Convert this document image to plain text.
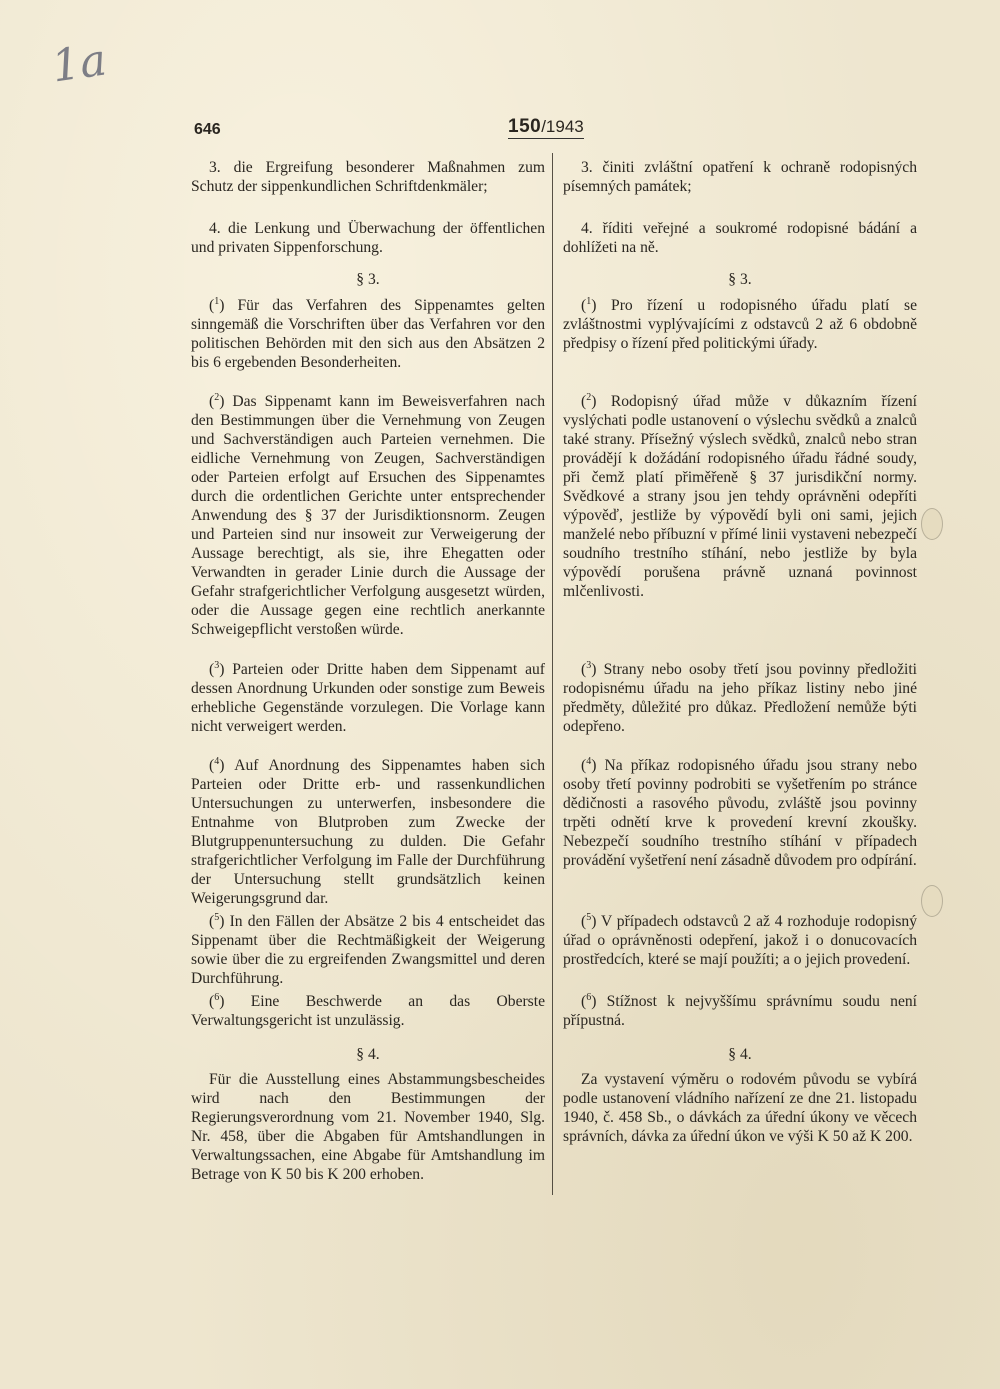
1a
646	150/1943

3. die Ergreifung besonderer Maßnahmen zum Schutz der sippenkundlichen Schriftdenkmäler;

4. die Lenkung und Überwachung der öffentlichen und privaten Sippenforschung.

§ 3.

($^1$) Für das Verfahren des Sippenamtes gelten sinngemäß die Vorschriften über das Verfahren vor den politischen Behörden mit den sich aus den Absätzen 2 bis 6 ergebenden Besonderheiten.

($^2$) Das Sippenamt kann im Beweisverfahren nach den Bestimmungen über die Vernehmung von Zeugen und Sachverständigen auch Parteien vernehmen. Die eidliche Vernehmung von Zeugen, Sachverständigen oder Parteien erfolgt auf Ersuchen des Sippenamtes durch die ordentlichen Gerichte unter entsprechender Anwendung des § 37 der Jurisdiktionsnorm. Zeugen und Parteien sind nur insoweit zur Verweigerung der Aussage berechtigt, als sie, ihre Ehegatten oder Verwandten in gerader Linie durch die Aussage der Gefahr strafgerichtlicher Verfolgung ausgesetzt würden, oder die Aussage gegen eine rechtlich anerkannte Schweigepflicht verstoßen würde.

($^3$) Parteien oder Dritte haben dem Sippenamt auf dessen Anordnung Urkunden oder sonstige zum Beweis erhebliche Gegenstände vorzulegen. Die Vorlage kann nicht verweigert werden.

($^4$) Auf Anordnung des Sippenamtes haben sich Parteien oder Dritte erb- und rassenkundlichen Untersuchungen zu unterwerfen, insbesondere die Entnahme von Blutproben zum Zwecke der Blutgruppenuntersuchung zu dulden. Die Gefahr strafgerichtlicher Verfolgung im Falle der Durchführung der Untersuchung stellt grundsätzlich keinen Weigerungsgrund dar.

($^5$) In den Fällen der Absätze 2 bis 4 entscheidet das Sippenamt über die Rechtmäßigkeit der Weigerung sowie über die zu ergreifenden Zwangsmittel und deren Durchführung.

($^6$) Eine Beschwerde an das Oberste Verwaltungsgericht ist unzulässig.

§ 4.

Für die Ausstellung eines Abstammungsbescheides wird nach den Bestimmungen der Regierungsverordnung vom 21. November 1940, Slg. Nr. 458, über die Abgaben für Amtshandlungen in Verwaltungssachen, eine Abgabe für Amtshandlung im Betrage von K 50 bis K 200 erhoben.

3. činiti zvláštní opatření k ochraně rodopisných písemných památek;

4. říditi veřejné a soukromé rodopisné bádání a dohlížeti na ně.

§ 3.

($^1$) Pro řízení u rodopisného úřadu platí se zvláštnostmi vyplývajícími z odstavců 2 až 6 obdobně předpisy o řízení před politickými úřady.

($^2$) Rodopisný úřad může v důkazním řízení vyslýchati podle ustanovení o výslechu svědků a znalců také strany. Přísežný výslech svědků, znalců nebo stran provádějí k dožádání rodopisného úřadu řádné soudy, při čemž platí přiměřeně § 37 jurisdikční normy. Svědkové a strany jsou jen tehdy oprávněni odepříti výpověď, jestliže by výpovědí byli oni sami, jejich manželé nebo příbuzní v přímé linii vystaveni nebezpečí soudního trestního stíhání, nebo jestliže by byla výpovědí porušena právně uznaná povinnost mlčenlivosti.

($^3$) Strany nebo osoby třetí jsou povinny předložiti rodopisnému úřadu na jeho příkaz listiny nebo jiné předměty, důležité pro důkaz. Předložení nemůže býti odepřeno.

($^4$) Na příkaz rodopisného úřadu jsou strany nebo osoby třetí povinny podrobiti se vyšetřením po stránce dědičnosti a rasového původu, zvláště jsou povinny trpěti odnětí krve k provedení krevní zkoušky. Nebezpečí soudního trestního stíhání v případech provádění vyšetření není zásadně důvodem pro odpírání.

($^5$) V případech odstavců 2 až 4 rozhoduje rodopisný úřad o oprávněnosti odepření, jakož i o donucovacích prostředcích, které se mají použíti; a o jejich provedení.

($^6$) Stížnost k nejvyššímu správnímu soudu není přípustná.

§ 4.

Za vystavení výměru o rodovém původu se vybírá podle ustanovení vládního nařízení ze dne 21. listopadu 1940, č. 458 Sb., o dávkách za úřední úkony ve věcech správních, dávka za úřední úkon ve výši K 50 až K 200.
